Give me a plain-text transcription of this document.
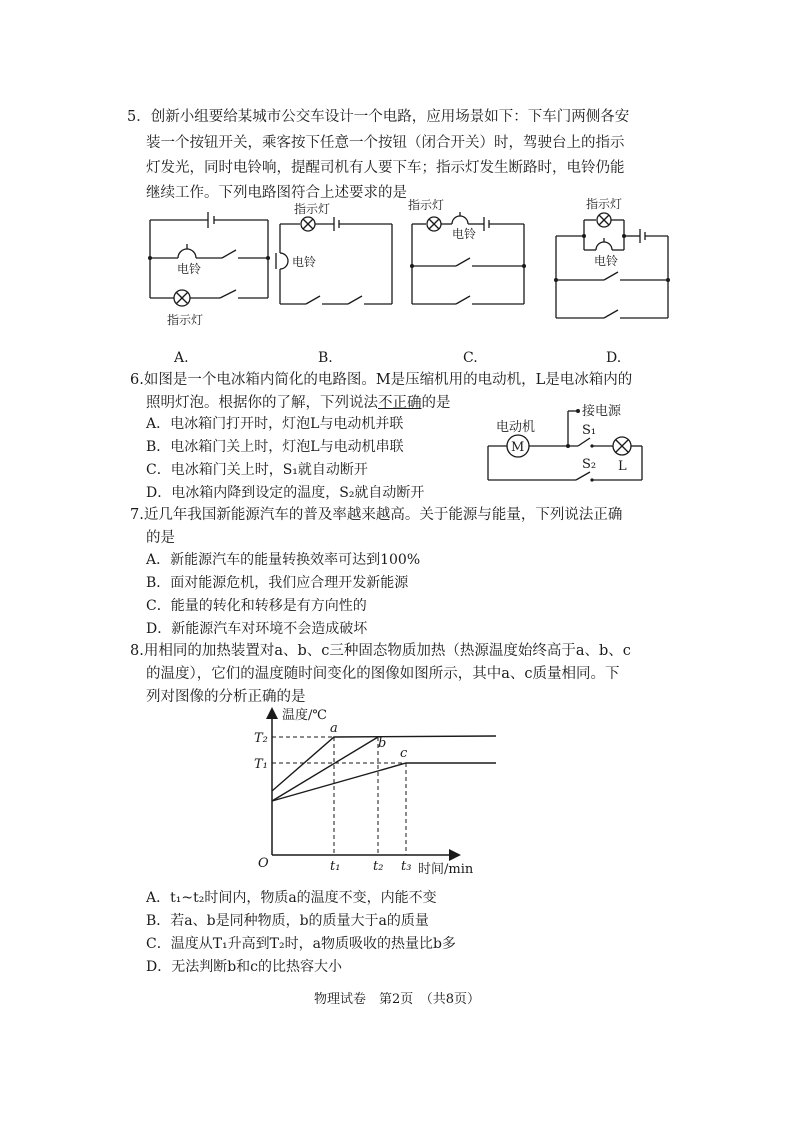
5．创新小组要给某城市公交车设计一个电路，应用场景如下：下车门两侧各安
装一个按钮开关，乘客按下任意一个按钮（闭合开关）时，驾驶台上的指示
灯发光，同时电铃响，提醒司机有人要下车；指示灯发生断路时，电铃仍能
继续工作。下列电路图符合上述要求的是
电铃
指示灯
指示灯
电铃
指示灯
电铃
指示灯
电铃
A.	B.	C.	D.
6.如图是一个电冰箱内简化的电路图。M是压缩机用的电动机，L是电冰箱内的
照明灯泡。根据你的了解，下列说法不正确的是
A．电冰箱门打开时，灯泡L与电动机并联
B．电冰箱门关上时，灯泡L与电动机串联
C．电冰箱门关上时，S₁就自动断开
D．电冰箱内降到设定的温度，S₂就自动断开
电动机
接电源
M
S₁
L
S₂
7.近几年我国新能源汽车的普及率越来越高。关于能源与能量，下列说法正确
的是
A．新能源汽车的能量转换效率可达到100%
B．面对能源危机，我们应合理开发新能源
C．能量的转化和转移是有方向性的
D．新能源汽车对环境不会造成破坏
8.用相同的加热装置对a、b、c三种固态物质加热（热源温度始终高于a、b、c
的温度），它们的温度随时间变化的图像如图所示，其中a、c质量相同。下
列对图像的分析正确的是
温度/℃
时间/min
O
T₂
T₁
t₁	t₂ t₃
a
b
c
A．t₁~t₂时间内，物质a的温度不变，内能不变
B．若a、b是同种物质，b的质量大于a的质量
C．温度从T₁升高到T₂时，a物质吸收的热量比b多
D．无法判断b和c的比热容大小
物理试卷　第2页　（共8页）
